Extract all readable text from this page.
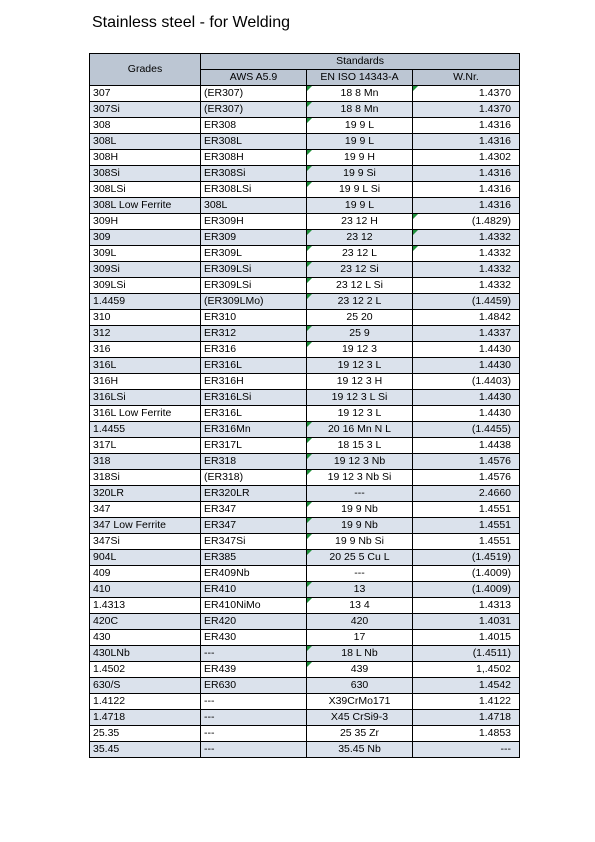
Stainless steel - for Welding
Grades	Standards		
	AWS A5.9	EN ISO 14343-A	W.Nr.
307	(ER307)	18 8 Mn	1.4370
307Si	(ER307)	18 8 Mn	1.4370
308	ER308	19 9 L	1.4316
308L	ER308L	19 9 L	1.4316
308H	ER308H	19 9 H	1.4302
308Si	ER308Si	19 9 Si	1.4316
308LSi	ER308LSi	19 9 L Si	1.4316
308L Low Ferrite	308L	19 9 L	1.4316
309H	ER309H	23 12 H	(1.4829)
309	ER309	23 12	1.4332
309L	ER309L	23 12 L	1.4332
309Si	ER309LSi	23 12 Si	1.4332
309LSi	ER309LSi	23 12 L Si	1.4332
1.4459	(ER309LMo)	23 12 2 L	(1.4459)
310	ER310	25 20	1.4842
312	ER312	25 9	1.4337
316	ER316	19 12 3	1.4430
316L	ER316L	19 12 3 L	1.4430
316H	ER316H	19 12 3 H	(1.4403)
316LSi	ER316LSi	19 12 3 L Si	1.4430
316L Low Ferrite	ER316L	19 12 3 L	1.4430
1.4455	ER316Mn	20 16 Mn N L	(1.4455)
317L	ER317L	18 15 3 L	1.4438
318	ER318	19 12 3 Nb	1.4576
318Si	(ER318)	19 12 3 Nb Si	1.4576
320LR	ER320LR	---	2.4660
347	ER347	19 9 Nb	1.4551
347 Low Ferrite	ER347	19 9 Nb	1.4551
347Si	ER347Si	19 9 Nb Si	1.4551
904L	ER385	20 25 5 Cu L	(1.4519)
409	ER409Nb	---	(1.4009)
410	ER410	13	(1.4009)
1.4313	ER410NiMo	13 4	1.4313
420C	ER420	420	1.4031
430	ER430	17	1.4015
430LNb	---	18 L Nb	(1.4511)
1.4502	ER439	439	1,.4502
630/S	ER630	630	1.4542
1.4122	---	X39CrMo171	1.4122
1.4718	---	X45 CrSi9-3	1.4718
25.35	---	25 35 Zr	1.4853
35.45	---	35.45 Nb	---
